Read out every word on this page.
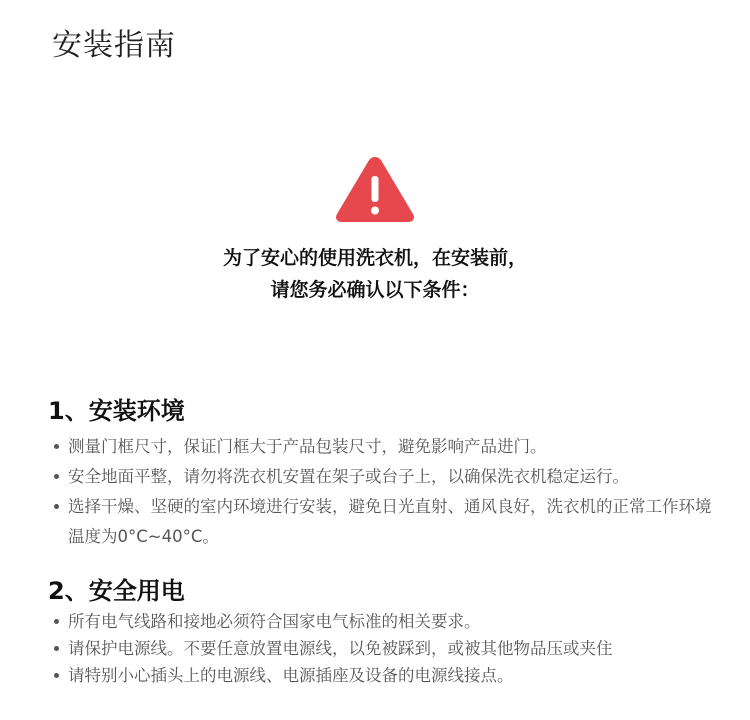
安装指南
为了安心的使用洗衣机，在安装前，
请您务必确认以下条件：
1、安装环境
测量门框尺寸，保证门框大于产品包装尺寸，避免影响产品进门。
安全地面平整，请勿将洗衣机安置在架子或台子上，以确保洗衣机稳定运行。
选择干燥、坚硬的室内环境进行安装，避免日光直射、通风良好，洗衣机的正常工作环境温度为0°C~40°C。
2、安全用电
所有电气线路和接地必须符合国家电气标准的相关要求。
请保护电源线。不要任意放置电源线，以免被踩到，或被其他物品压或夹住
请特别小心插头上的电源线、电源插座及设备的电源线接点。
